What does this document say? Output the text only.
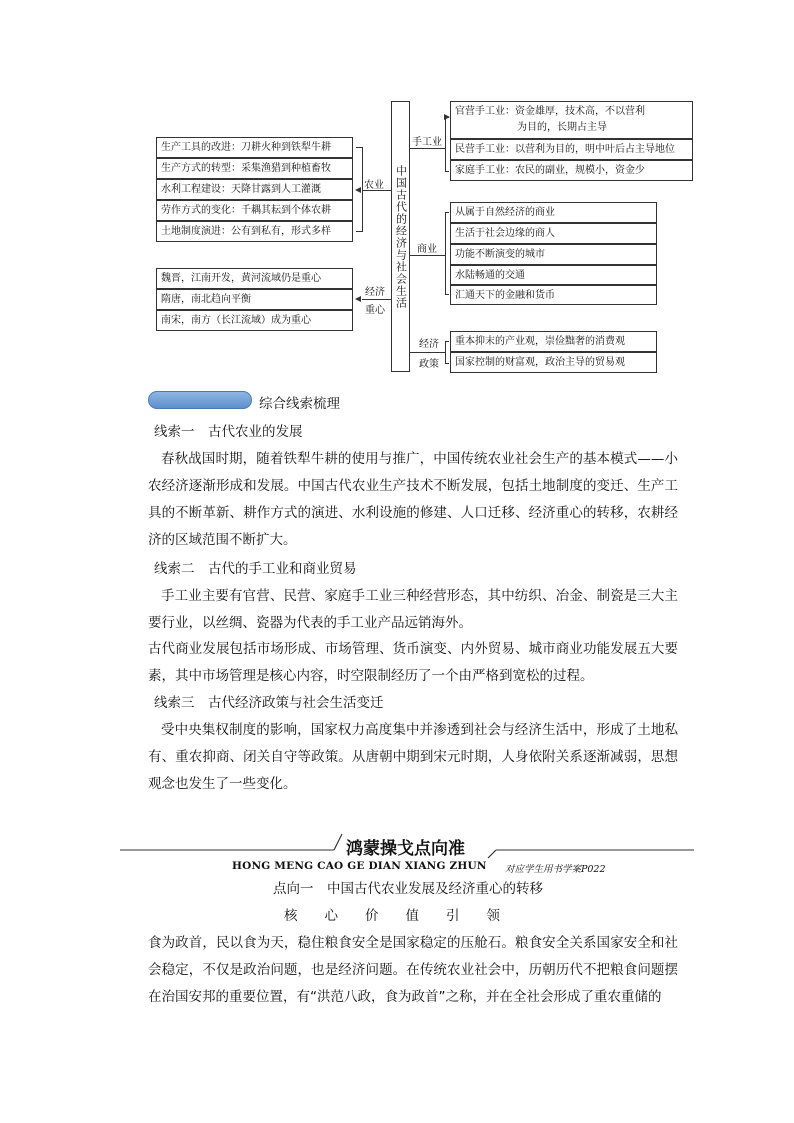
中国古代的经济与社会生活
生产工具的改进：刀耕火种到铁犁牛耕
生产方式的转型：采集渔猎到种植畜牧
水利工程建设：天降甘露到人工灌溉
劳作方式的变化：千耦其耘到个体农耕
土地制度演进：公有到私有，形式多样
农业
魏晋，江南开发，黄河流域仍是重心
隋唐，南北趋向平衡
南宋，南方（长江流域）成为重心
经济
重心
手工业
官营手工业：资金雄厚，技术高，不以营利
为目的，长期占主导
民营手工业：以营利为目的，明中叶后占主导地位
家庭手工业：农民的副业，规模小，资金少
商业
从属于自然经济的商业
生活于社会边缘的商人
功能不断演变的城市
水陆畅通的交通
汇通天下的金融和货币
经济
政策
重本抑末的产业观，崇俭黜奢的消费观
国家控制的财富观，政治主导的贸易观
综合线索梳理
线索一　古代农业的发展
春秋战国时期，随着铁犁牛耕的使用与推广，中国传统农业社会生产的基本模式——小农经济逐渐形成和发展。中国古代农业生产技术不断发展，包括土地制度的变迁、生产工具的不断革新、耕作方式的演进、水利设施的修建、人口迁移、经济重心的转移，农耕经济的区域范围不断扩大。
线索二　古代的手工业和商业贸易
手工业主要有官营、民营、家庭手工业三种经营形态，其中纺织、冶金、制瓷是三大主要行业，以丝绸、瓷器为代表的手工业产品远销海外。
古代商业发展包括市场形成、市场管理、货币演变、内外贸易、城市商业功能发展五大要素，其中市场管理是核心内容，时空限制经历了一个由严格到宽松的过程。
线索三　古代经济政策与社会生活变迁
受中央集权制度的影响，国家权力高度集中并渗透到社会与经济生活中，形成了土地私有、重农抑商、闭关自守等政策。从唐朝中期到宋元时期，人身依附关系逐渐减弱，思想观念也发生了一些变化。
鸿蒙操戈点向准
HONG MENG CAO GE DIAN XIANG ZHUN 对应学生用书学案P022
点向一　中国古代农业发展及经济重心的转移
核　　心　　价　　值　　引　　领
食为政首，民以食为天，稳住粮食安全是国家稳定的压舱石。粮食安全关系国家安全和社会稳定，不仅是政治问题，也是经济问题。在传统农业社会中，历朝历代不把粮食问题摆在治国安邦的重要位置，有“洪范八政，食为政首”之称，并在全社会形成了重农重储的
